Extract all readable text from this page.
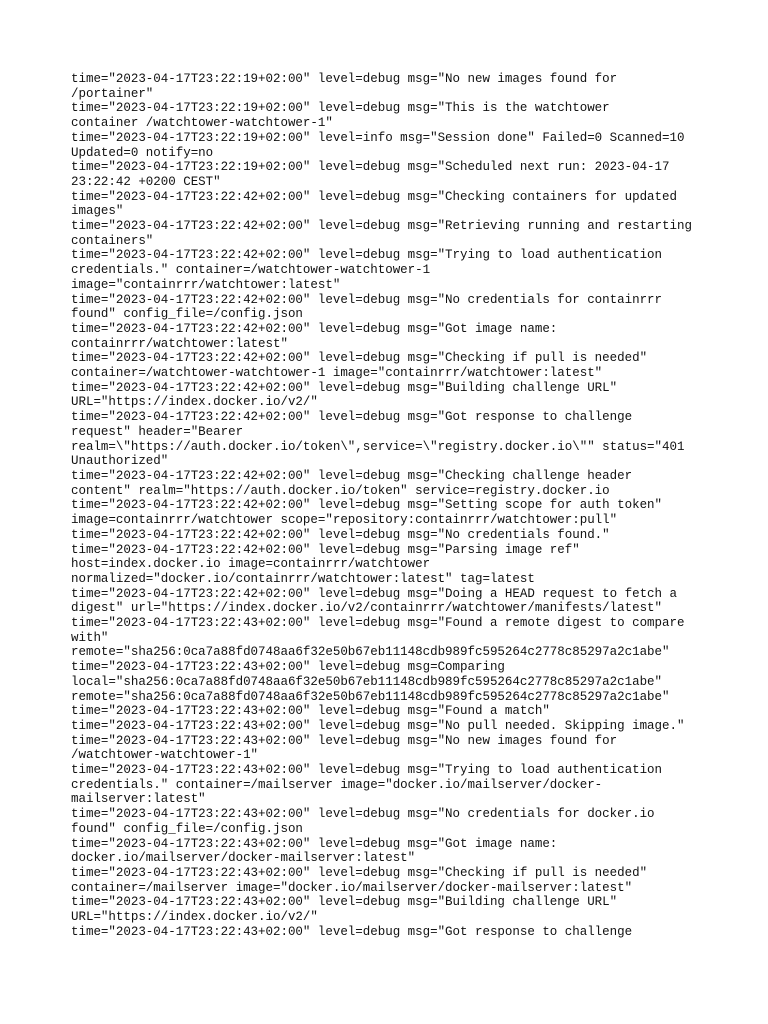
time="2023-04-17T23:22:19+02:00" level=debug msg="No new images found for
/portainer"
time="2023-04-17T23:22:19+02:00" level=debug msg="This is the watchtower
container /watchtower-watchtower-1"
time="2023-04-17T23:22:19+02:00" level=info msg="Session done" Failed=0 Scanned=10
Updated=0 notify=no
time="2023-04-17T23:22:19+02:00" level=debug msg="Scheduled next run: 2023-04-17
23:22:42 +0200 CEST"
time="2023-04-17T23:22:42+02:00" level=debug msg="Checking containers for updated
images"
time="2023-04-17T23:22:42+02:00" level=debug msg="Retrieving running and restarting
containers"
time="2023-04-17T23:22:42+02:00" level=debug msg="Trying to load authentication
credentials." container=/watchtower-watchtower-1
image="containrrr/watchtower:latest"
time="2023-04-17T23:22:42+02:00" level=debug msg="No credentials for containrrr
found" config_file=/config.json
time="2023-04-17T23:22:42+02:00" level=debug msg="Got image name:
containrrr/watchtower:latest"
time="2023-04-17T23:22:42+02:00" level=debug msg="Checking if pull is needed"
container=/watchtower-watchtower-1 image="containrrr/watchtower:latest"
time="2023-04-17T23:22:42+02:00" level=debug msg="Building challenge URL"
URL="https://index.docker.io/v2/"
time="2023-04-17T23:22:42+02:00" level=debug msg="Got response to challenge
request" header="Bearer
realm=\"https://auth.docker.io/token\",service=\"registry.docker.io\"" status="401
Unauthorized"
time="2023-04-17T23:22:42+02:00" level=debug msg="Checking challenge header
content" realm="https://auth.docker.io/token" service=registry.docker.io
time="2023-04-17T23:22:42+02:00" level=debug msg="Setting scope for auth token"
image=containrrr/watchtower scope="repository:containrrr/watchtower:pull"
time="2023-04-17T23:22:42+02:00" level=debug msg="No credentials found."
time="2023-04-17T23:22:42+02:00" level=debug msg="Parsing image ref"
host=index.docker.io image=containrrr/watchtower
normalized="docker.io/containrrr/watchtower:latest" tag=latest
time="2023-04-17T23:22:42+02:00" level=debug msg="Doing a HEAD request to fetch a
digest" url="https://index.docker.io/v2/containrrr/watchtower/manifests/latest"
time="2023-04-17T23:22:43+02:00" level=debug msg="Found a remote digest to compare
with"
remote="sha256:0ca7a88fd0748aa6f32e50b67eb11148cdb989fc595264c2778c85297a2c1abe"
time="2023-04-17T23:22:43+02:00" level=debug msg=Comparing
local="sha256:0ca7a88fd0748aa6f32e50b67eb11148cdb989fc595264c2778c85297a2c1abe"
remote="sha256:0ca7a88fd0748aa6f32e50b67eb11148cdb989fc595264c2778c85297a2c1abe"
time="2023-04-17T23:22:43+02:00" level=debug msg="Found a match"
time="2023-04-17T23:22:43+02:00" level=debug msg="No pull needed. Skipping image."
time="2023-04-17T23:22:43+02:00" level=debug msg="No new images found for
/watchtower-watchtower-1"
time="2023-04-17T23:22:43+02:00" level=debug msg="Trying to load authentication
credentials." container=/mailserver image="docker.io/mailserver/docker-
mailserver:latest"
time="2023-04-17T23:22:43+02:00" level=debug msg="No credentials for docker.io
found" config_file=/config.json
time="2023-04-17T23:22:43+02:00" level=debug msg="Got image name:
docker.io/mailserver/docker-mailserver:latest"
time="2023-04-17T23:22:43+02:00" level=debug msg="Checking if pull is needed"
container=/mailserver image="docker.io/mailserver/docker-mailserver:latest"
time="2023-04-17T23:22:43+02:00" level=debug msg="Building challenge URL"
URL="https://index.docker.io/v2/"
time="2023-04-17T23:22:43+02:00" level=debug msg="Got response to challenge
